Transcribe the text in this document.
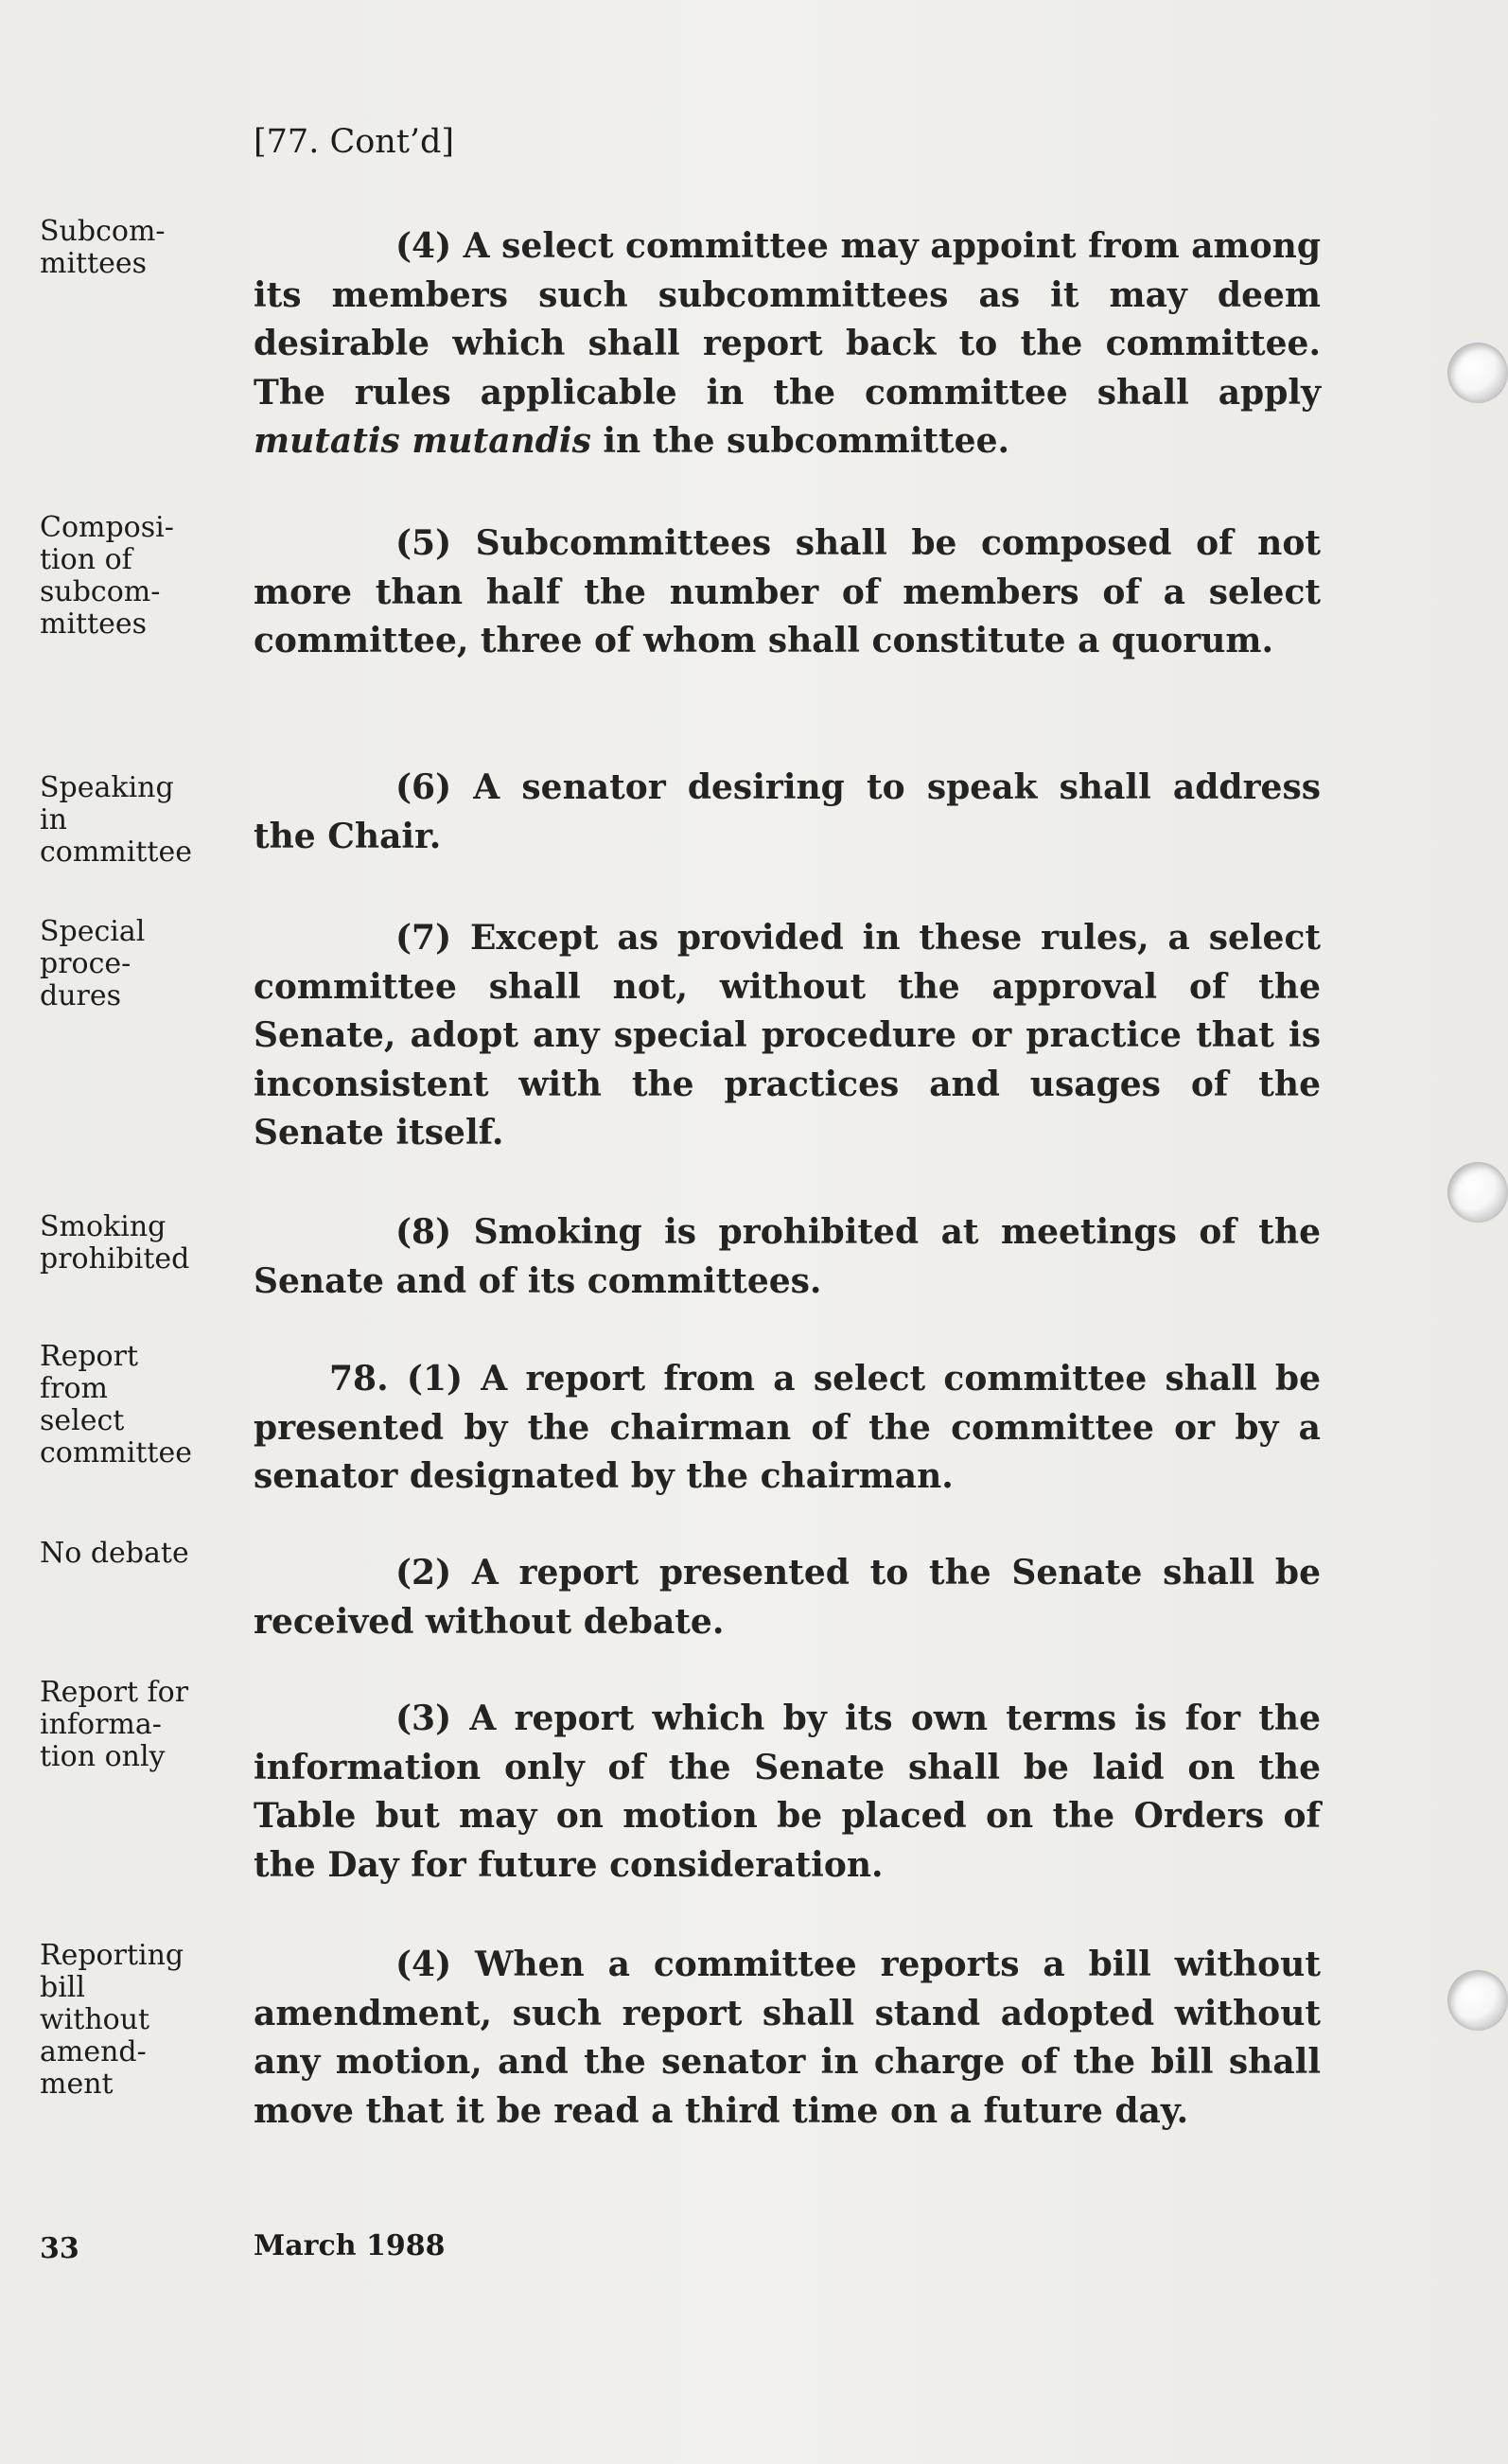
[77. Cont’d]
Subcom-
mittees	(4) A select committee may appoint from among its members such subcommittees as it may deem desirable which shall report back to the committee. The rules applicable in the committee shall apply mutatis mutandis in the subcommittee.
Composi-
tion of
subcom-
mittees
(5) Subcommittees shall be composed of not more than half the number of members of a select committee, three of whom shall constitute a quorum.
Speaking
in
committee
(6) A senator desiring to speak shall address the Chair.
Special
proce-
dures
(7) Except as provided in these rules, a select committee shall not, without the approval of the Senate, adopt any special procedure or practice that is inconsistent with the practices and usages of the Senate itself.
Smoking
prohibited
(8) Smoking is prohibited at meetings of the Senate and of its committees.
Report
from
select
committee
78. (1) A report from a select committee shall be presented by the chairman of the committee or by a senator designated by the chairman.
No debate	(2) A report presented to the Senate shall be received without debate.
Report for
informa-
tion only
(3) A report which by its own terms is for the information only of the Senate shall be laid on the Table but may on motion be placed on the Orders of the Day for future consideration.
Reporting
bill
without
amend-
ment
(4) When a committee reports a bill without amendment, such report shall stand adopted without any motion, and the senator in charge of the bill shall move that it be read a third time on a future day.
33	March 1988
